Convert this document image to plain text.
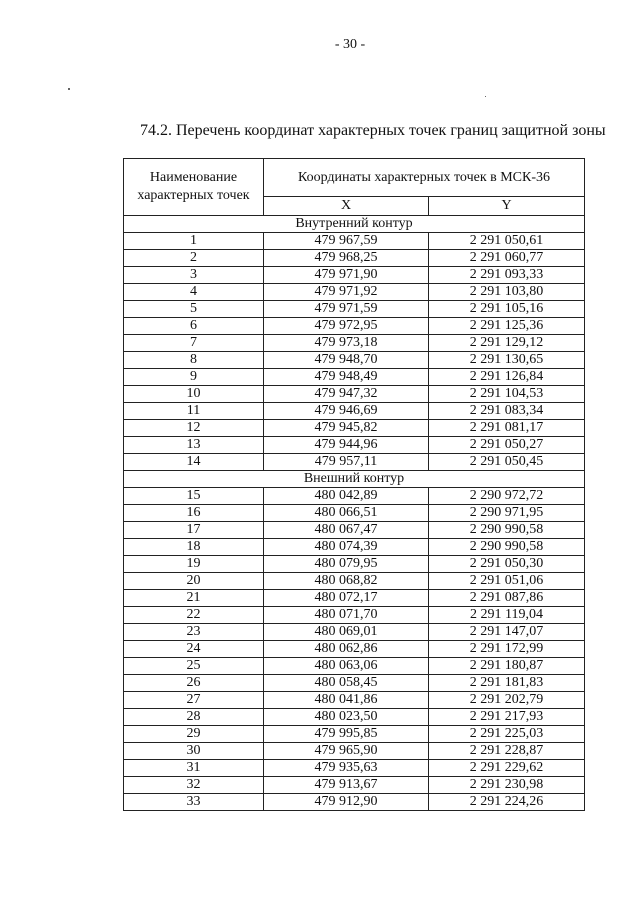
- 30 -
74.2. Перечень координат характерных точек границ защитной зоны
Наименование характерных точек	Координаты характерных точек в МСК-36	
	X	Y
Внутренний контур		
1	479 967,59	2 291 050,61
2	479 968,25	2 291 060,77
3	479 971,90	2 291 093,33
4	479 971,92	2 291 103,80
5	479 971,59	2 291 105,16
6	479 972,95	2 291 125,36
7	479 973,18	2 291 129,12
8	479 948,70	2 291 130,65
9	479 948,49	2 291 126,84
10	479 947,32	2 291 104,53
11	479 946,69	2 291 083,34
12	479 945,82	2 291 081,17
13	479 944,96	2 291 050,27
14	479 957,11	2 291 050,45
Внешний контур		
15	480 042,89	2 290 972,72
16	480 066,51	2 290 971,95
17	480 067,47	2 290 990,58
18	480 074,39	2 290 990,58
19	480 079,95	2 291 050,30
20	480 068,82	2 291 051,06
21	480 072,17	2 291 087,86
22	480 071,70	2 291 119,04
23	480 069,01	2 291 147,07
24	480 062,86	2 291 172,99
25	480 063,06	2 291 180,87
26	480 058,45	2 291 181,83
27	480 041,86	2 291 202,79
28	480 023,50	2 291 217,93
29	479 995,85	2 291 225,03
30	479 965,90	2 291 228,87
31	479 935,63	2 291 229,62
32	479 913,67	2 291 230,98
33	479 912,90	2 291 224,26
